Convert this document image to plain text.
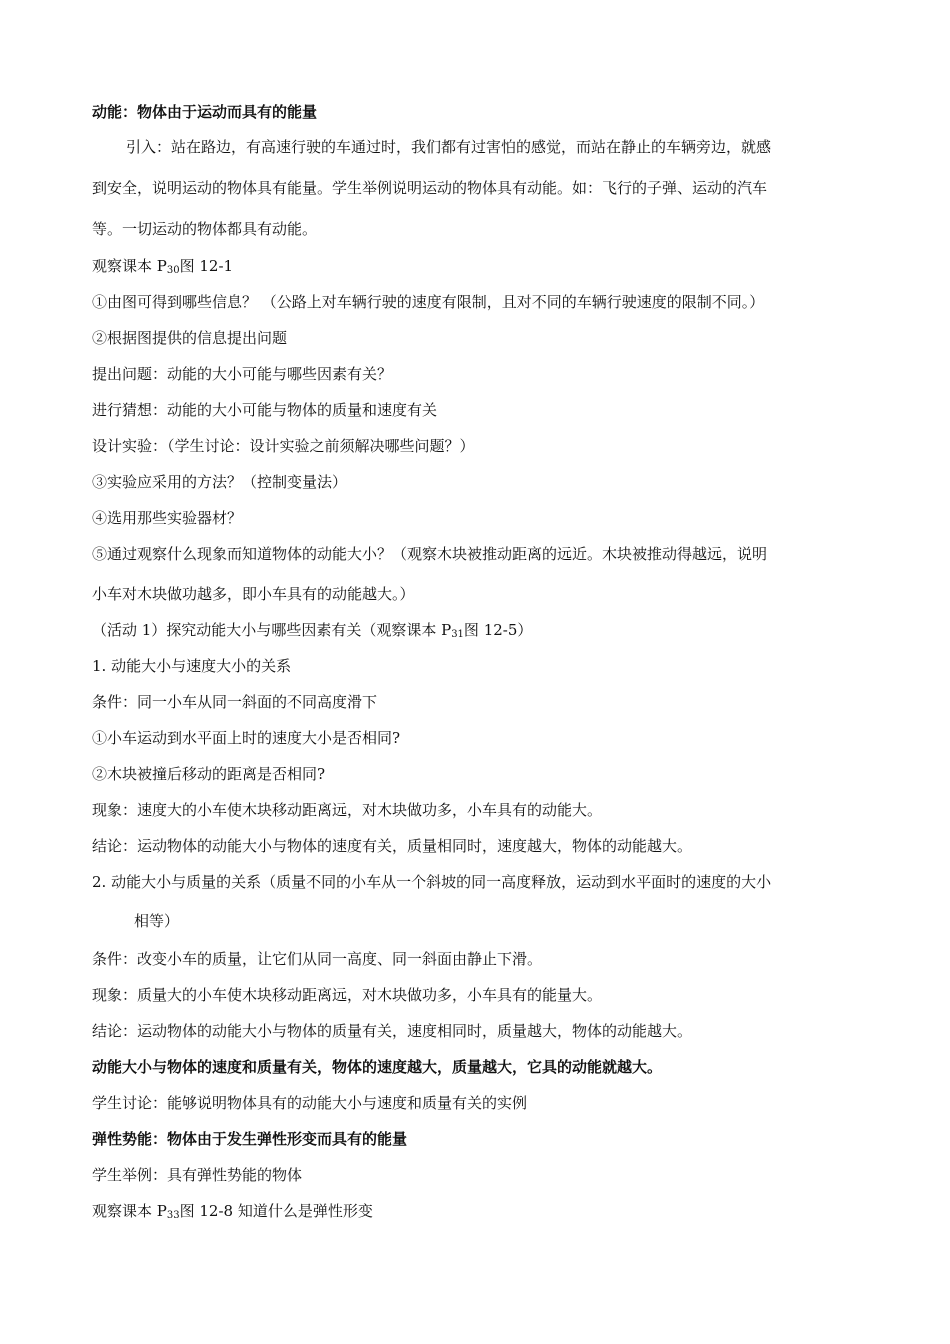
动能：物体由于运动而具有的能量
引入：站在路边，有高速行驶的车通过时，我们都有过害怕的感觉，而站在静止的车辆旁边，就感
到安全，说明运动的物体具有能量。学生举例说明运动的物体具有动能。如：飞行的子弹、运动的汽车
等。一切运动的物体都具有动能。
观察课本 $P_{30}$图 12-1
①由图可得到哪些信息？ （公路上对车辆行驶的速度有限制，且对不同的车辆行驶速度的限制不同。）
②根据图提供的信息提出问题
提出问题：动能的大小可能与哪些因素有关？
进行猜想：动能的大小可能与物体的质量和速度有关
设计实验：（学生讨论：设计实验之前须解决哪些问题？）
③实验应采用的方法？（控制变量法）
④选用那些实验器材？
⑤通过观察什么现象而知道物体的动能大小？（观察木块被推动距离的远近。木块被推动得越远，说明
小车对木块做功越多，即小车具有的动能越大。）
（活动 1）探究动能大小与哪些因素有关（观察课本 $P_{31}$图 12-5）
1. 动能大小与速度大小的关系
条件：同一小车从同一斜面的不同高度滑下
①小车运动到水平面上时的速度大小是否相同?
②木块被撞后移动的距离是否相同?
现象：速度大的小车使木块移动距离远，对木块做功多，小车具有的动能大。
结论：运动物体的动能大小与物体的速度有关，质量相同时，速度越大，物体的动能越大。
2. 动能大小与质量的关系（质量不同的小车从一个斜坡的同一高度释放，运动到水平面时的速度的大小
相等）
条件：改变小车的质量，让它们从同一高度、同一斜面由静止下滑。
现象：质量大的小车使木块移动距离远，对木块做功多，小车具有的能量大。
结论：运动物体的动能大小与物体的质量有关，速度相同时，质量越大，物体的动能越大。
动能大小与物体的速度和质量有关，物体的速度越大，质量越大，它具的动能就越大。
学生讨论：能够说明物体具有的动能大小与速度和质量有关的实例
弹性势能：物体由于发生弹性形变而具有的能量
学生举例：具有弹性势能的物体
观察课本 $P_{33}$图 12-8 知道什么是弹性形变
